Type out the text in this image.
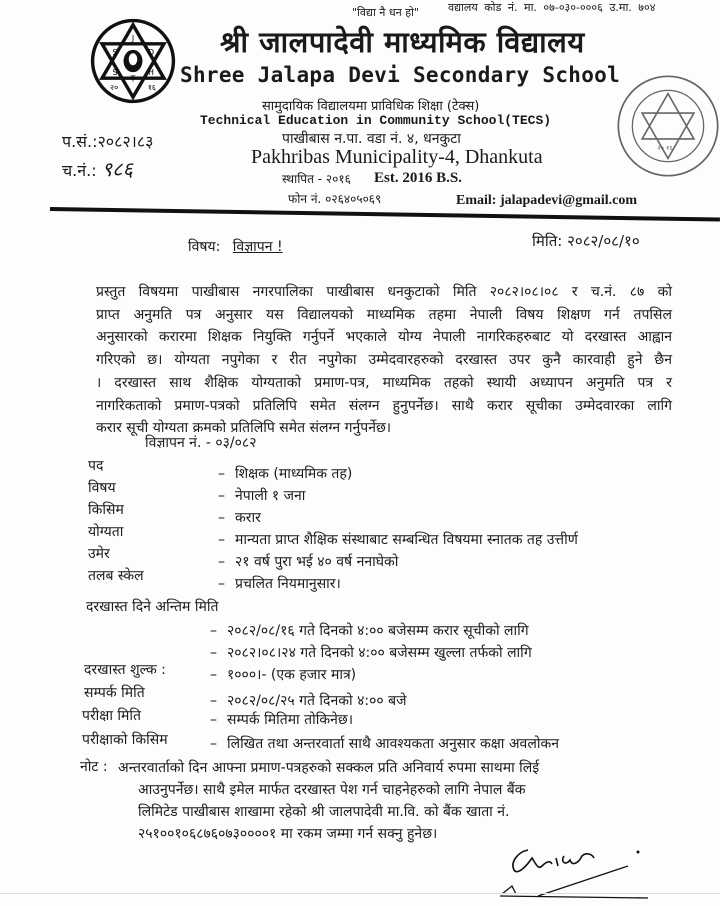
J
S	D
S	H
T
२०	१६
२० १६
"विद्या नै धन हो"	वद्यालय कोड नं. मा. ०७-०३०-०००६ उ.मा. ७०४
श्री जालपादेवी माध्यमिक विद्यालय
Shree Jalapa Devi Secondary School
सामुदायिक विद्यालयमा प्राविधिक शिक्षा (टेक्स)
Technical Education in Community School(TECS)
पाखीबास न.पा. वडा नं. ४, धनकुटा
Pakhribas Municipality-4, Dhankuta
स्थापित - २०१६ Est. 2016 B.S.
फोन नं. ०२६४०५०६९	Email: jalapadevi@gmail.com
प.सं.:२०८२।८३
च.नं.: ९८६
विषय: विज्ञापन !	मिति: २०८२/०८/१०
प्रस्तुत विषयमा पाखीबास नगरपालिका पाखीबास धनकुटाको मिति २०८२।०८।०८ र च.नं. ८७ को
प्राप्त अनुमति पत्र अनुसार यस विद्यालयको माध्यमिक तहमा नेपाली विषय शिक्षण गर्न तपसिल
अनुसारको करारमा शिक्षक नियुक्ति गर्नुपर्ने भएकाले योग्य नेपाली नागरिकहरुबाट यो दरखास्त आह्वान
गरिएको छ। योग्यता नपुगेका र रीत नपुगेका उम्मेदवारहरुको दरखास्त उपर कुनै कारवाही हुने छैन
। दरखास्त साथ शैक्षिक योग्यताको प्रमाण-पत्र, माध्यमिक तहको स्थायी अध्यापन अनुमति पत्र र
नागरिकताको प्रमाण-पत्रको प्रतिलिपि समेत संलग्न हुनुपर्नेछ। साथै करार सूचीका उम्मेदवारका लागि
करार सूची योग्यता क्रमको प्रतिलिपि समेत संलग्न गर्नुपर्नेछ।
विज्ञापन नं. - ०३/०८२
पद	– शिक्षक (माध्यमिक तह)
विषय	– नेपाली १ जना
किसिम	– करार
योग्यता	– मान्यता प्राप्त शैक्षिक संस्थाबाट सम्बन्धित विषयमा स्नातक तह उत्तीर्ण
उमेर	– २१ वर्ष पुरा भई ४० वर्ष ननाघेको
तलब स्केल	– प्रचलित नियमानुसार।
दरखास्त दिने अन्तिम मिति
– २०८२/०८/१६ गते दिनको ४:०० बजेसम्म करार सूचीको लागि
– २०८२।०८।२४ गते दिनको ४:०० बजेसम्म खुल्ला तर्फको लागि
दरखास्त शुल्क :	– १०००।- (एक हजार मात्र)
सम्पर्क मिति	– २०८२/०८/२५ गते दिनको ४:०० बजे
परीक्षा मिति	– सम्पर्क मितिमा तोकिनेछ।
परीक्षाको किसिम	– लिखित तथा अन्तरवार्ता साथै आवश्यकता अनुसार कक्षा अवलोकन
नोट : अन्तरवार्ताको दिन आफ्ना प्रमाण-पत्रहरुको सक्कल प्रति अनिवार्य रुपमा साथमा लिई
आउनुपर्नेछ। साथै इमेल मार्फत दरखास्त पेश गर्न चाहनेहरुको लागि नेपाल बैंक
लिमिटेड पाखीबास शाखामा रहेको श्री जालपादेवी मा.वि. को बैंक खाता नं.
२५१००१०६८७६०७३००००१ मा रकम जम्मा गर्न सक्नु हुनेछ।
